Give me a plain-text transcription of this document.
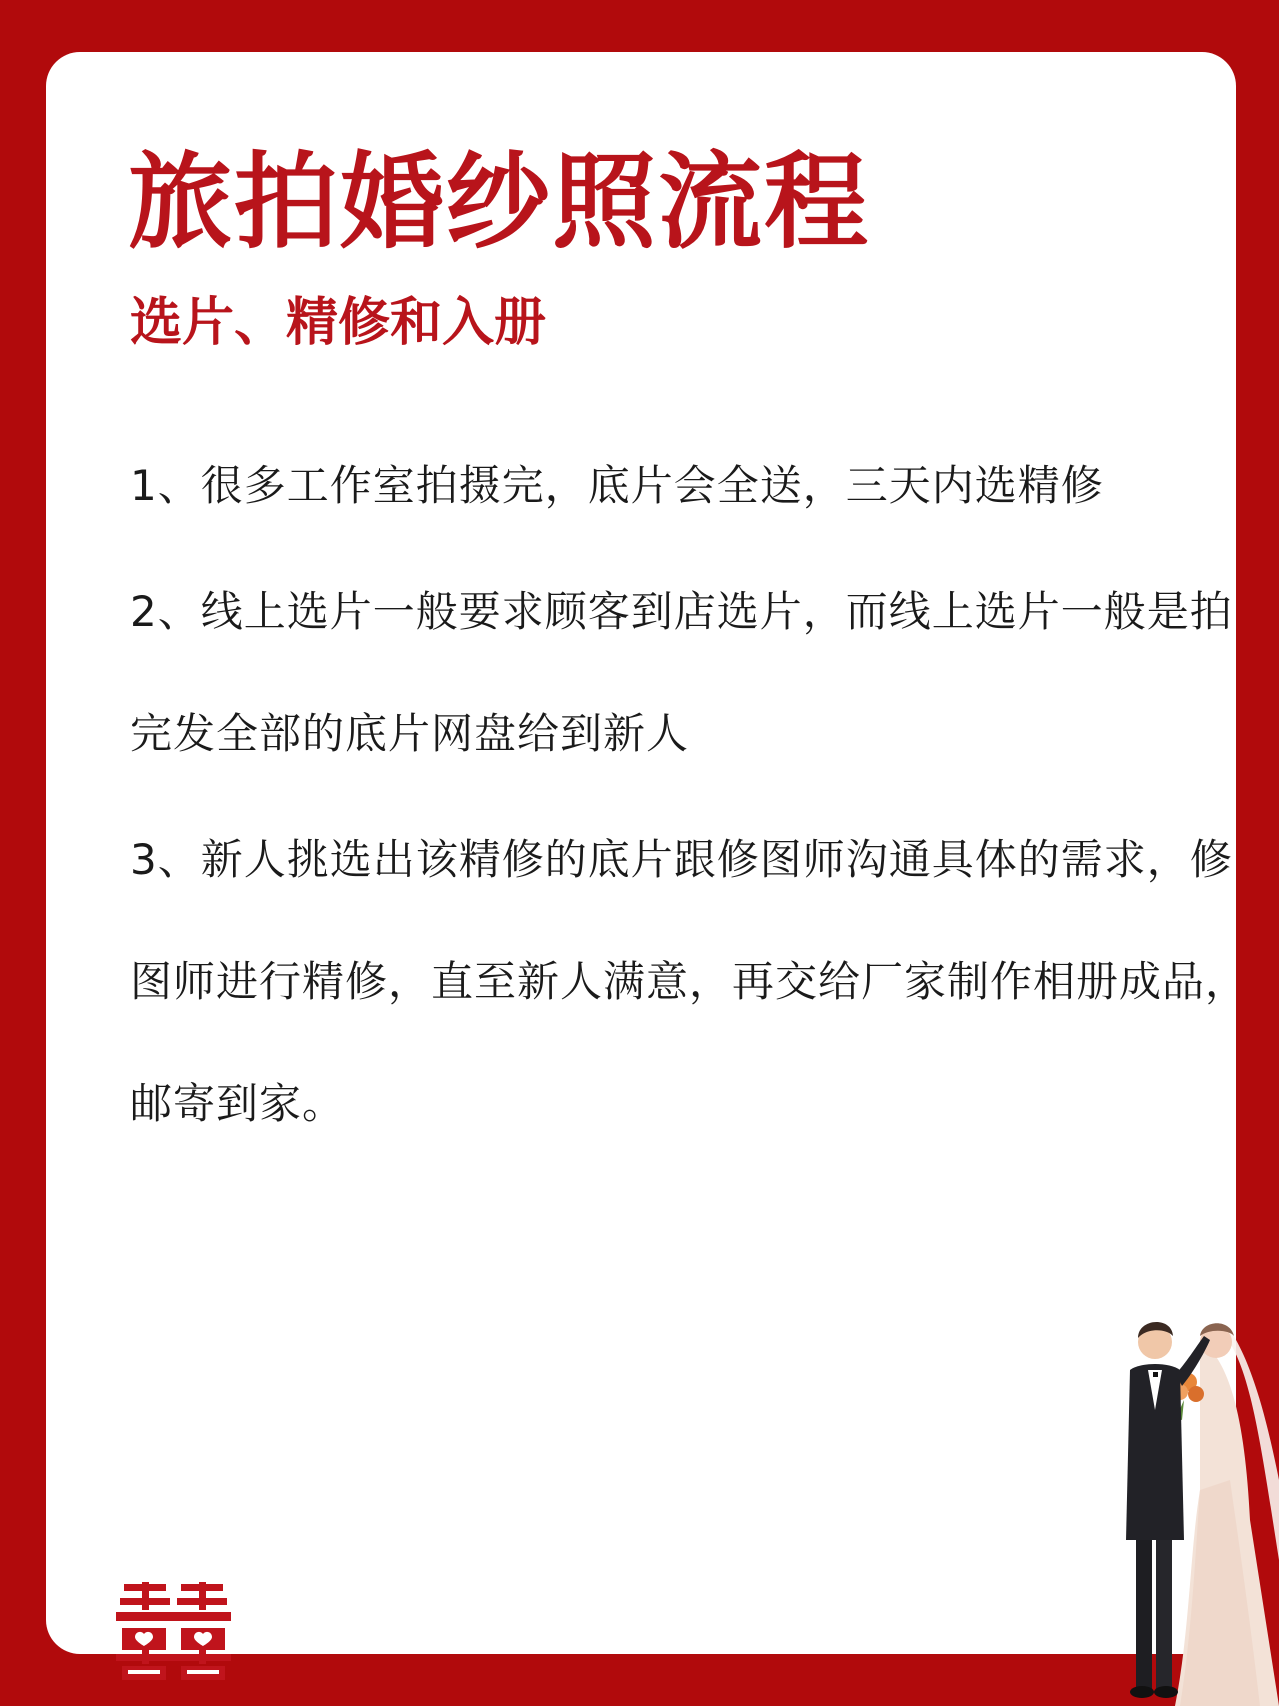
旅拍婚纱照流程
选片、精修和入册

1、很多工作室拍摄完，底片会全送，三天内选精修

2、线上选片一般要求顾客到店选片，而线上选片一般是拍完发全部的底片网盘给到新人

3、新人挑选出该精修的底片跟修图师沟通具体的需求，修图师进行精修，直至新人满意，再交给厂家制作相册成品，邮寄到家。
